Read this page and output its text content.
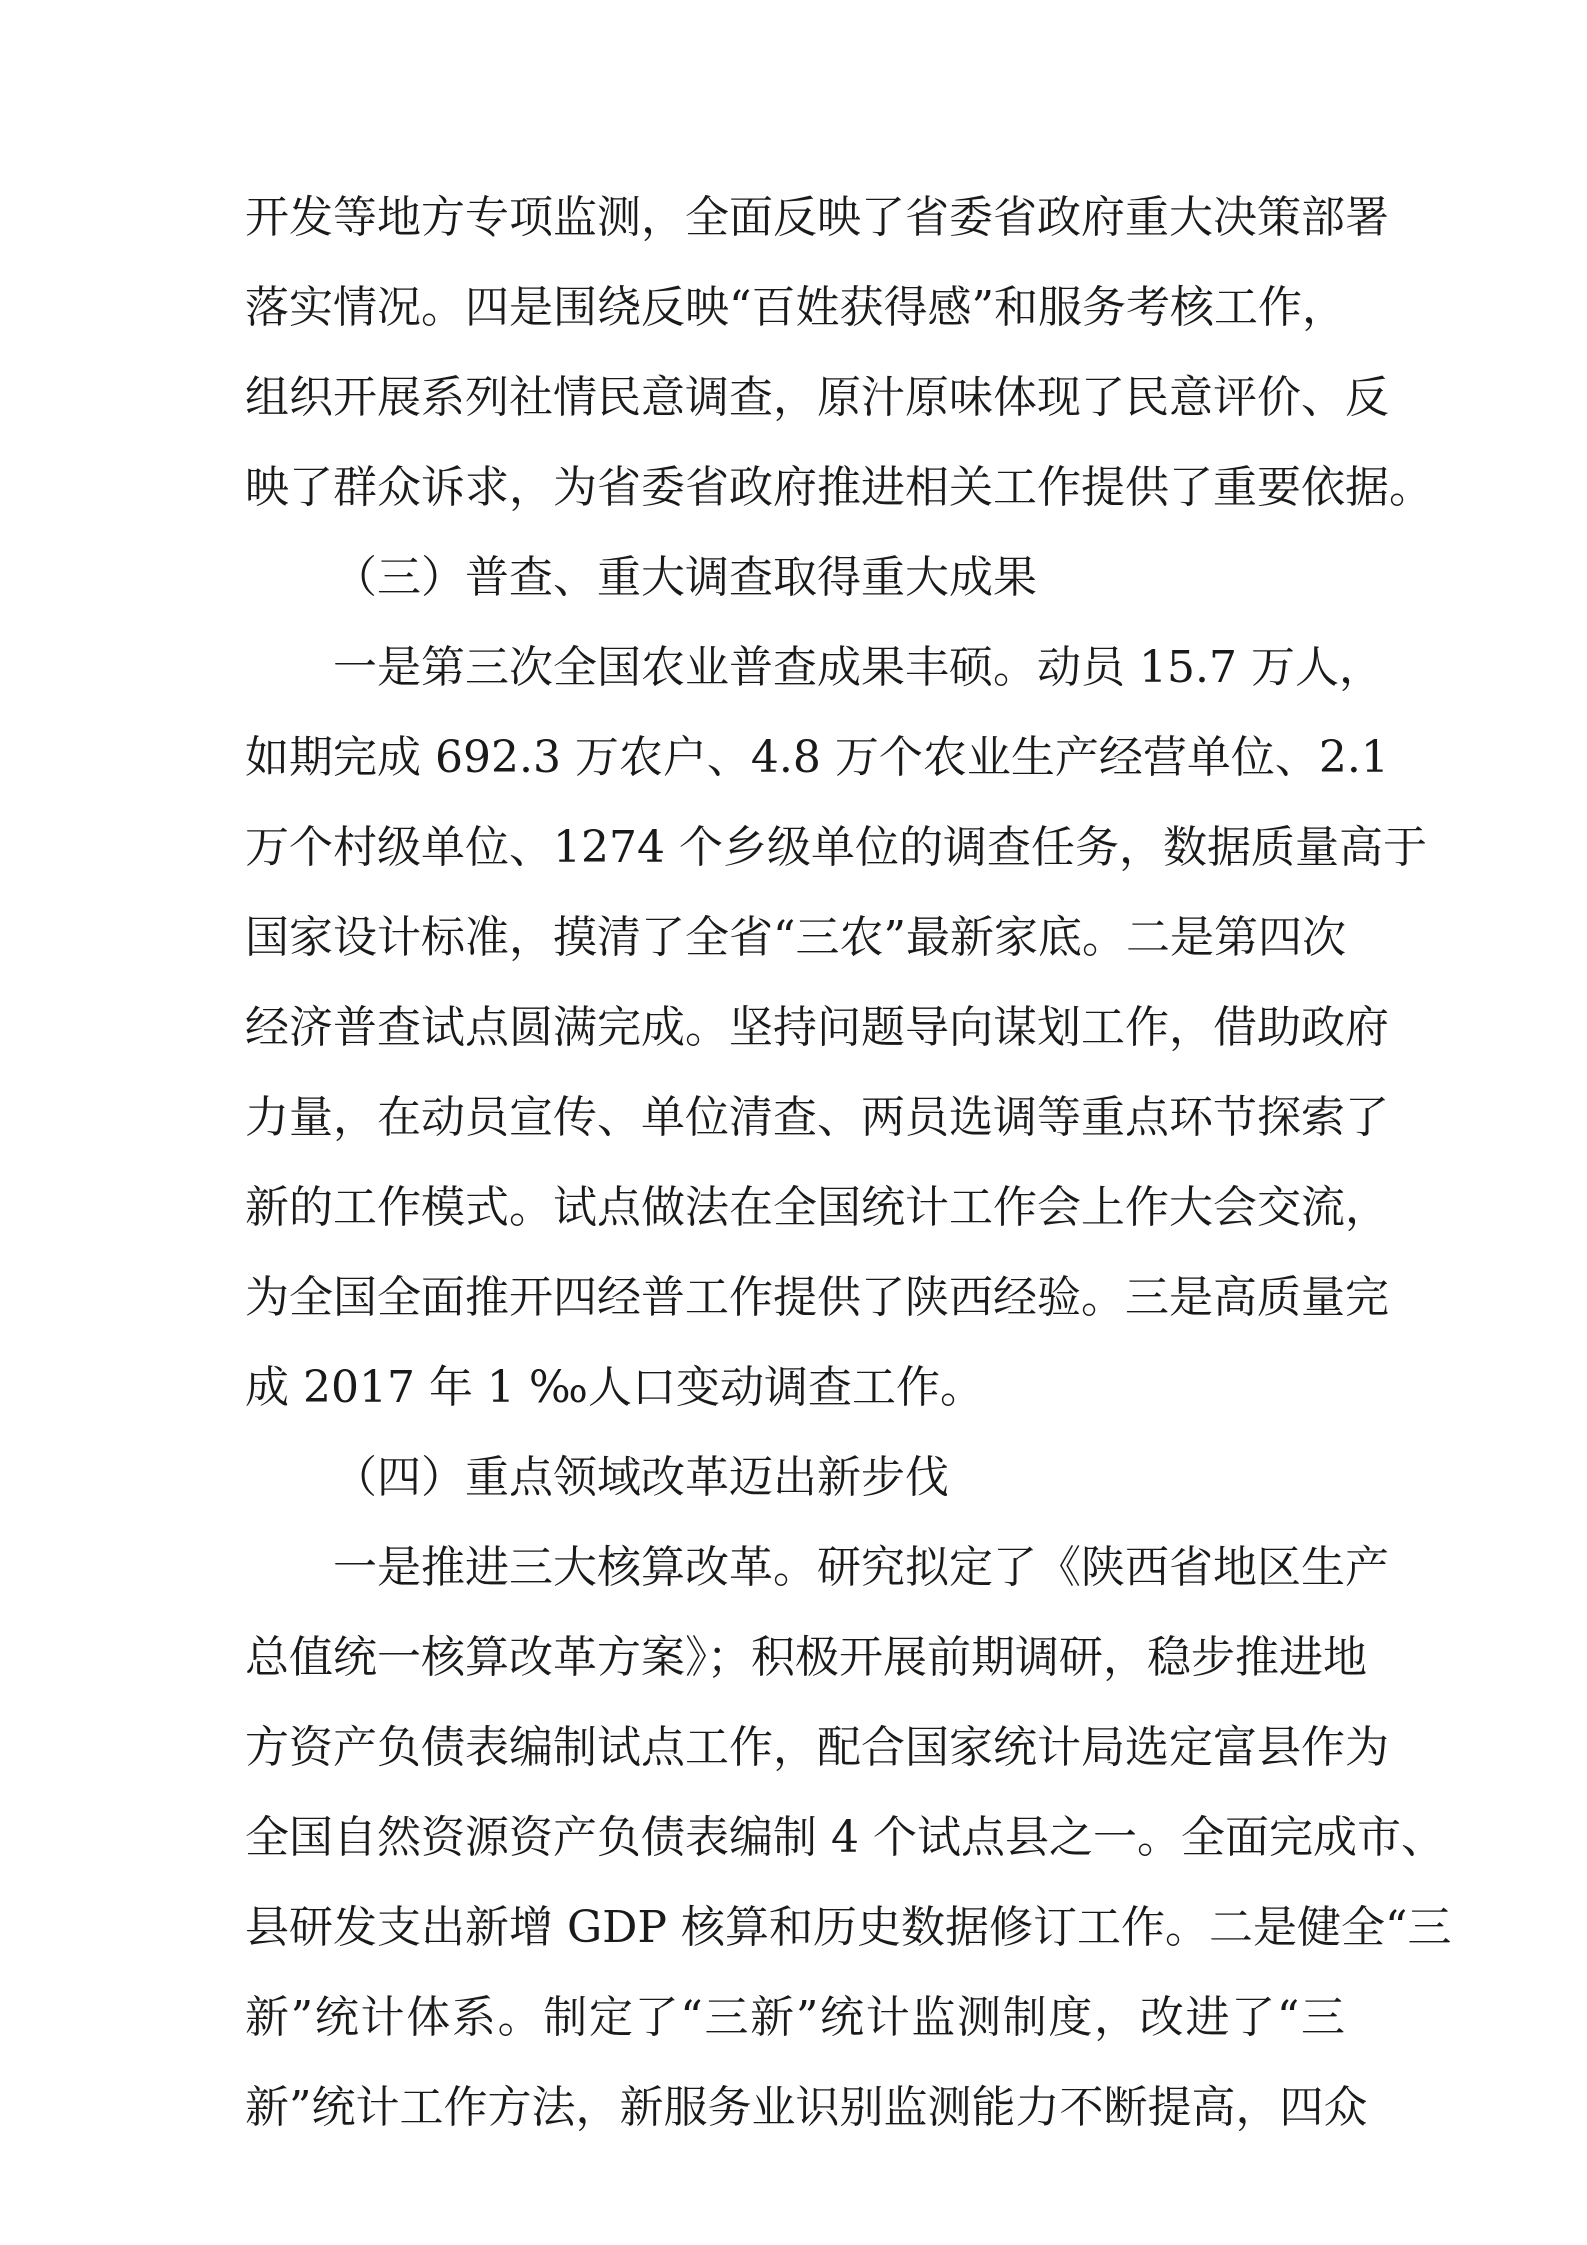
开发等地方专项监测，全面反映了省委省政府重大决策部署
落实情况。四是围绕反映“百姓获得感”和服务考核工作，
组织开展系列社情民意调查，原汁原味体现了民意评价、反
映了群众诉求，为省委省政府推进相关工作提供了重要依据。
（三）普查、重大调查取得重大成果
一是第三次全国农业普查成果丰硕。动员 15.7 万人，
如期完成 692.3 万农户、4.8 万个农业生产经营单位、2.1
万个村级单位、1274 个乡级单位的调查任务，数据质量高于
国家设计标准，摸清了全省“三农”最新家底。二是第四次
经济普查试点圆满完成。坚持问题导向谋划工作，借助政府
力量，在动员宣传、单位清查、两员选调等重点环节探索了
新的工作模式。试点做法在全国统计工作会上作大会交流，
为全国全面推开四经普工作提供了陕西经验。三是高质量完
成 2017 年 1 ‰人口变动调查工作。
（四）重点领域改革迈出新步伐
一是推进三大核算改革。研究拟定了《陕西省地区生产
总值统一核算改革方案》；积极开展前期调研，稳步推进地
方资产负债表编制试点工作，配合国家统计局选定富县作为
全国自然资源资产负债表编制 4 个试点县之一。全面完成市、
县研发支出新增 GDP 核算和历史数据修订工作。二是健全“三
新”统计体系。制定了“三新”统计监测制度，改进了“三
新”统计工作方法，新服务业识别监测能力不断提高，四众
